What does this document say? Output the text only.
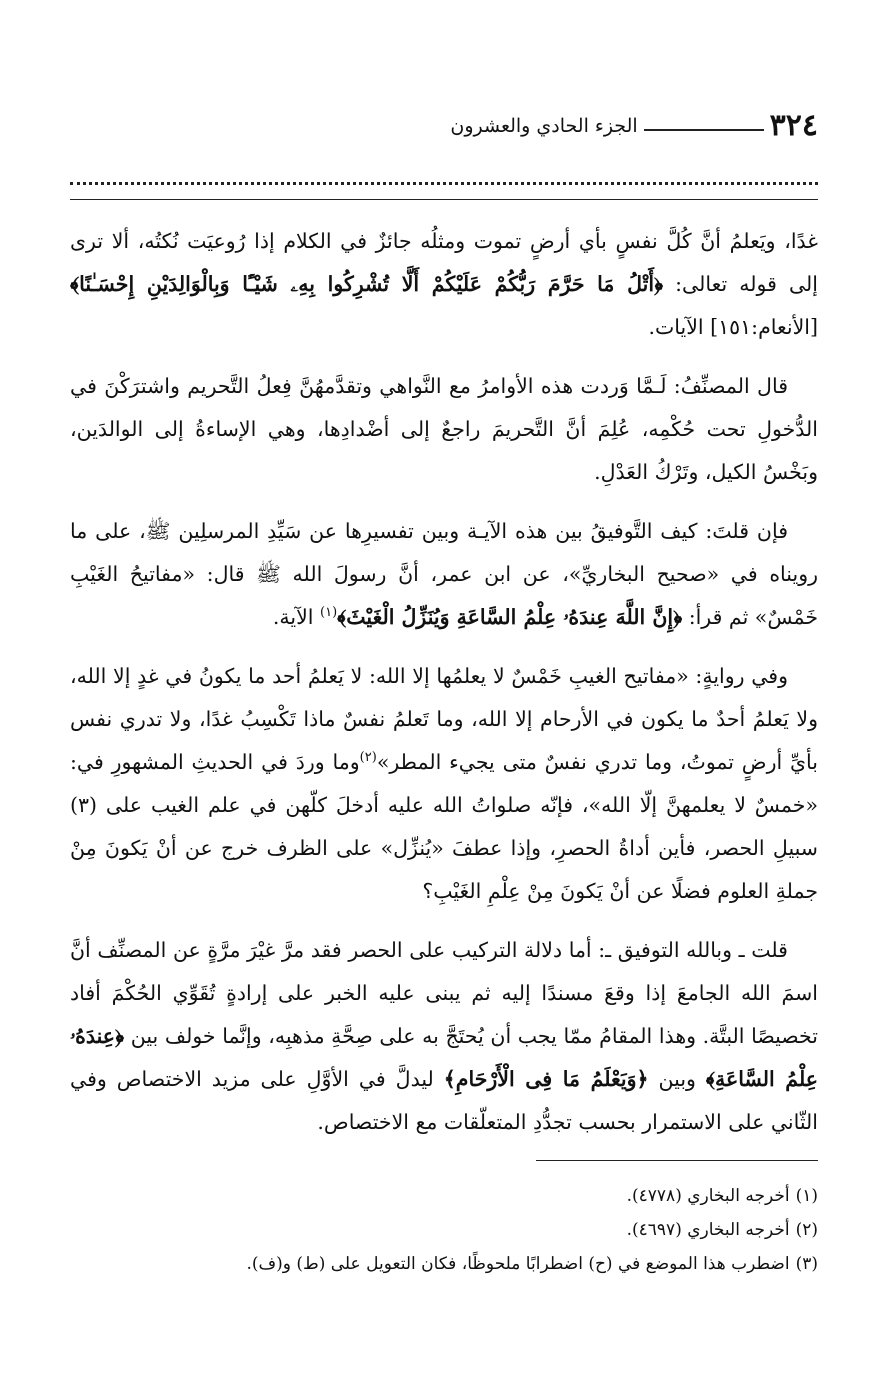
٣٢٤
الجزء الحادي والعشرون

غدًا، ويَعلمُ أنَّ كُلَّ نفسٍ بأي أرضٍ تموت ومثلُه جائزٌ في الكلام إذا رُوعيَت نُكتُه، ألا ترى إلى قوله تعالى: ﴿أَتْلُ مَا حَرَّمَ رَبُّكُمْ عَلَيْكُمْ أَلَّا تُشْرِكُوا بِهِۦ شَيْـًٔا وَبِالْوَالِدَيْنِ إِحْسَـٰنًا﴾ [الأنعام:١٥١] الآيات.

قال المصنِّفُ: لَـمَّا وَردت هذه الأوامرُ مع النَّواهي وتقدَّمهُنَّ فِعلُ التَّحريم واشترَكْنَ في الدُّخولِ تحت حُكْمِه، عُلِمَ أنَّ التَّحريمَ راجعٌ إلى أضْدادِها، وهي الإساءةُ إلى الوالدَين، وبَخْسُ الكيل، وتَرْكُ العَدْلِ.

فإن قلتَ: كيف التَّوفيقُ بين هذه الآيـة وبين تفسيرِها عن سَيِّدِ المرسلِين ﷺ، على ما رويناه في «صحيح البخاريِّ»، عن ابن عمر، أنَّ رسولَ الله ﷺ قال: «مفاتيحُ الغَيْبِ خَمْسٌ» ثم قرأ: ﴿إِنَّ اللَّهَ عِندَهُۥ عِلْمُ السَّاعَةِ وَيُنَزِّلُ الْغَيْثَ﴾$^{(١)}$ الآية.

وفي روايةٍ: «مفاتيح الغيبِ خَمْسٌ لا يعلمُها إلا الله: لا يَعلمُ أحد ما يكونُ في غدٍ إلا الله، ولا يَعلمُ أحدٌ ما يكون في الأرحام إلا الله، وما تَعلمُ نفسٌ ماذا تَكْسِبُ غدًا، ولا تدري نفس بأيِّ أرضٍ تموتُ، وما تدري نفسٌ متى يجيء المطر»$^{(٢)}$وما وردَ في الحديثِ المشهورِ في: «خمسٌ لا يعلمهنَّ إلّا الله»، فإنّه صلواتُ الله عليه أدخلَ كلّهن في علم الغيب على (٣) سبيلِ الحصر، فأين أداةُ الحصرِ، وإذا عطفَ «يُنزِّل» على الظرف خرج عن أنْ يَكونَ مِنْ جملةِ العلوم فضلًا عن أنْ يَكونَ مِنْ عِلْمِ الغَيْبِ؟

قلت ـ وبالله التوفيق ـ: أما دلالة التركيب على الحصر فقد مرَّ غيْرَ مرَّةٍ عن المصنِّف أنَّ اسمَ الله الجامعَ إذا وقعَ مسندًا إليه ثم يبنى عليه الخبر على إرادةٍ تُقَوِّي الحُكْمَ أفاد تخصيصًا البتَّة. وهذا المقامُ ممّا يجب أن يُحتَجَّ به على صِحَّةِ مذهبِه، وإنَّما خولف بين ﴿عِندَهُۥ عِلْمُ السَّاعَةِ﴾ وبين ﴿وَيَعْلَمُ مَا فِى الْأَرْحَامِ﴾ ليدلَّ في الأوَّلِ على مزيد الاختصاص وفي الثّاني على الاستمرار بحسب تجدُّدِ المتعلّقات مع الاختصاص.

(١)أخرجه البخاري (٤٧٧٨).

(٢)أخرجه البخاري (٤٦٩٧).

(٣)اضطرب هذا الموضع في (ح) اضطرابًا ملحوظًا، فكان التعويل على (ط) و(ف).
